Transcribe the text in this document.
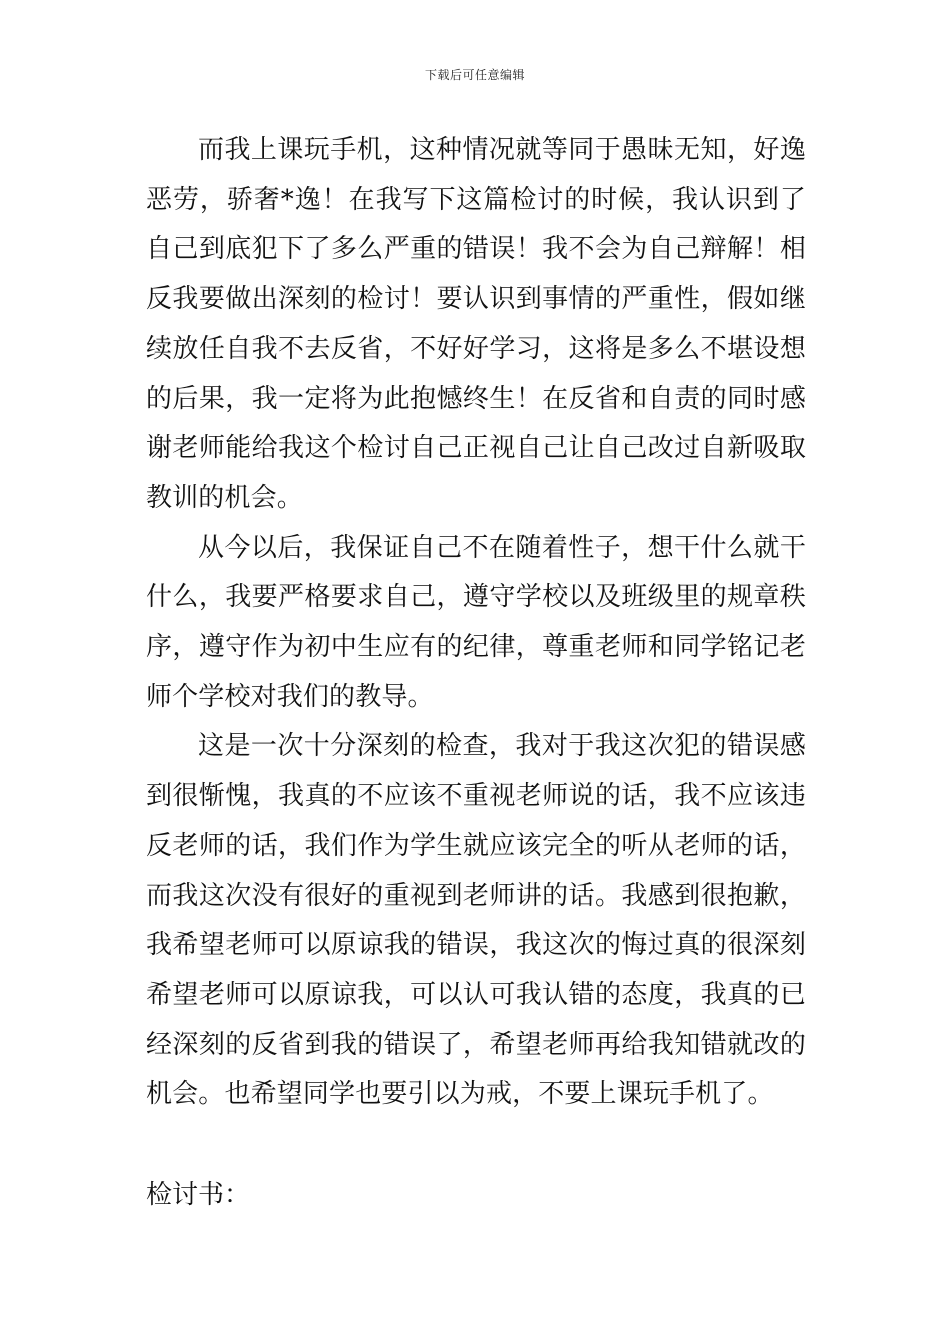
下载后可任意编辑

而我上课玩手机，这种情况就等同于愚昧无知，好逸恶劳，骄奢*逸！在我写下这篇检讨的时候，我认识到了自己到底犯下了多么严重的错误！我不会为自己辩解！相反我要做出深刻的检讨！要认识到事情的严重性，假如继续放任自我不去反省，不好好学习，这将是多么不堪设想的后果，我一定将为此抱憾终生！在反省和自责的同时感谢老师能给我这个检讨自己正视自己让自己改过自新吸取教训的机会。

从今以后，我保证自己不在随着性子，想干什么就干什么，我要严格要求自己，遵守学校以及班级里的规章秩序，遵守作为初中生应有的纪律，尊重老师和同学铭记老师个学校对我们的教导。

这是一次十分深刻的检查，我对于我这次犯的错误感到很惭愧，我真的不应该不重视老师说的话，我不应该违反老师的话，我们作为学生就应该完全的听从老师的话，而我这次没有很好的重视到老师讲的话。我感到很抱歉，我希望老师可以原谅我的错误，我这次的悔过真的很深刻希望老师可以原谅我，可以认可我认错的态度，我真的已经深刻的反省到我的错误了，希望老师再给我知错就改的机会。也希望同学也要引以为戒，不要上课玩手机了。

检讨书：
